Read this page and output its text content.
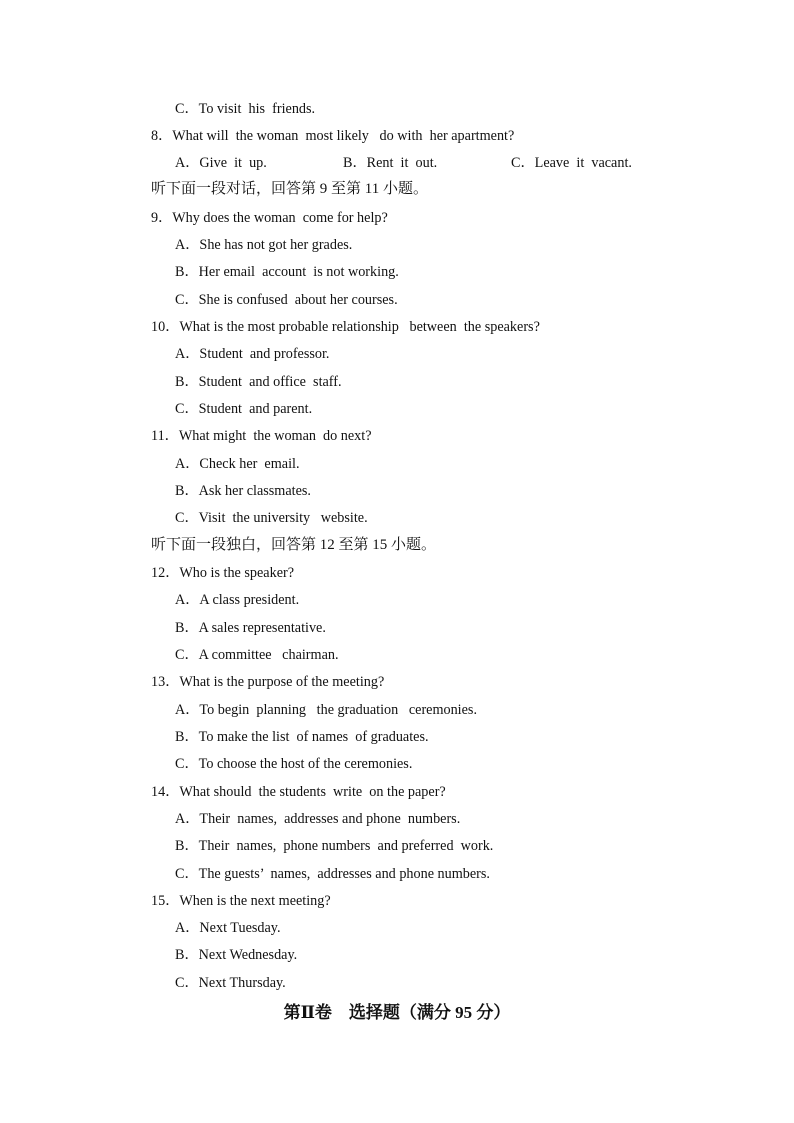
C．To visit  his  friends.
8．What will  the woman  most likely   do with  her apartment?
A．Give  it  up.	B．Rent  it  out.	C．Leave  it  vacant.
听下面一段对话，回答第 9 至第 11 小题。
9．Why does the woman  come for help?
A．She has not got her grades.
B．Her email  account  is not working.
C．She is confused  about her courses.
10．What is the most probable relationship   between  the speakers?
A．Student  and professor.
B．Student  and office  staff.
C．Student  and parent.
11．What might  the woman  do next?
A．Check her  email.
B．Ask her classmates.
C．Visit  the university   website.
听下面一段独白，回答第 12 至第 15 小题。
12．Who is the speaker?
A．A class president.
B．A sales representative.
C．A committee   chairman.
13．What is the purpose of the meeting?
A．To begin  planning   the graduation   ceremonies.
B．To make the list  of names  of graduates.
C．To choose the host of the ceremonies.
14．What should  the students  write  on the paper?
A．Their  names,  addresses and phone  numbers.
B．Their  names,  phone numbers  and preferred  work.
C．The guests’  names,  addresses and phone numbers.
15．When is the next meeting?
A．Next Tuesday.
B．Next Wednesday.
C．Next Thursday.
第Ⅱ卷　选择题（满分 95 分）
